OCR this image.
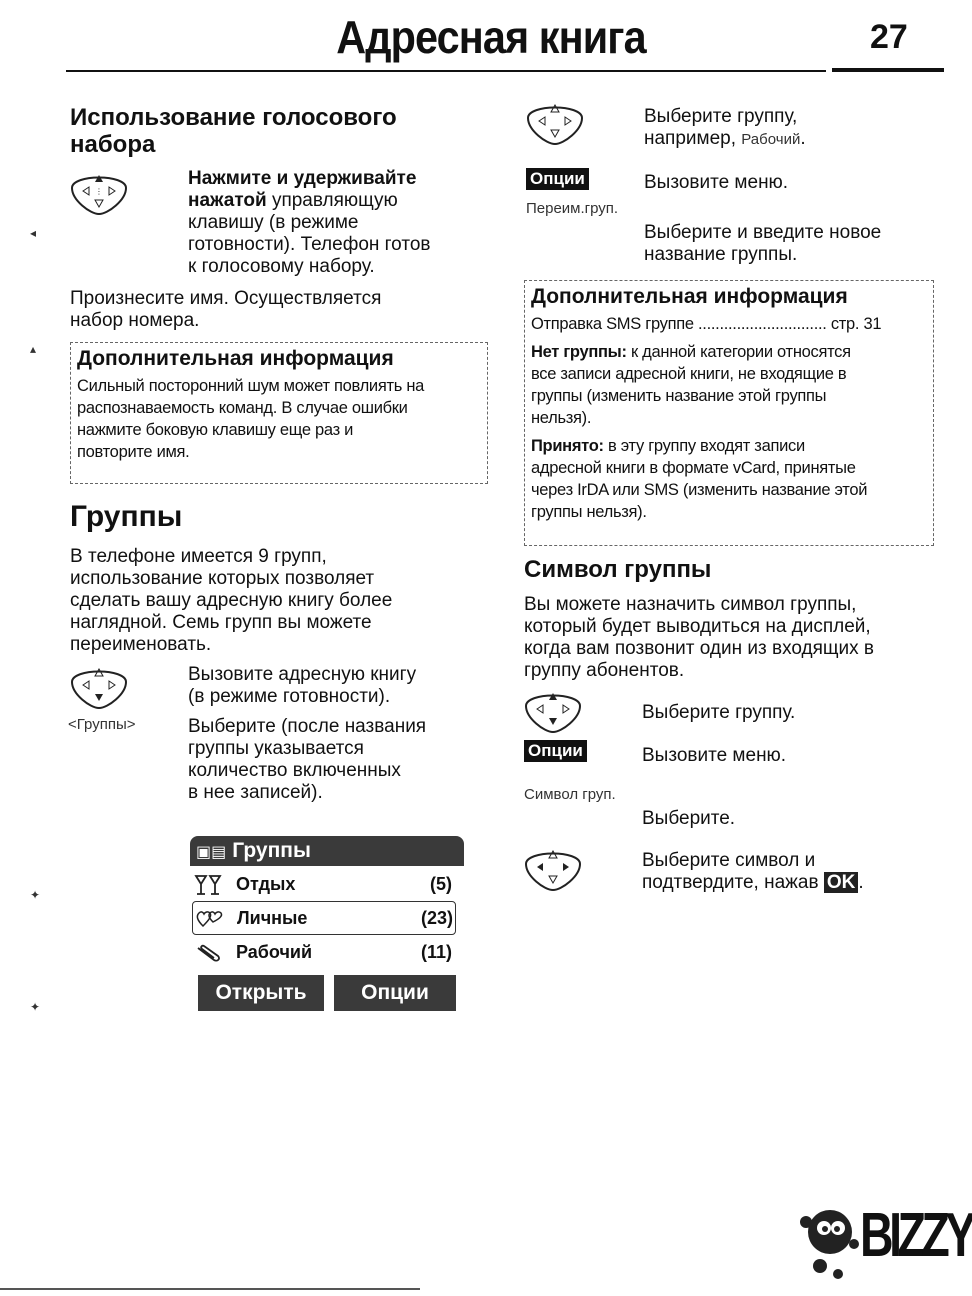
Адресная книга	27
Использование голосового
набора
⋮
Нажмите и удерживайте
нажатой управляющую
клавишу (в режиме
готовности). Телефон готов
к голосовому набору.
Произнесите имя. Осуществляется
набор номера.
Дополнительная информация
Сильный посторонний шум может повлиять на
распознаваемость команд. В случае ошибки
нажмите боковую клавишу еще раз и
повторите имя.
Группы
В телефоне имеется 9 групп,
использование которых позволяет
сделать вашу адресную книгу более
наглядной. Семь групп вы можете
переименовать.
Вызовите адресную книгу
(в режиме готовности).
<Группы>	Выберите (после названия
группы указывается
количество включенных
в нее записей).
▣▤ Группы
Отдых	(5)
Личные	(23)
Рабочий	(11)
Открыть	Опции
Выберите группу,
например, Рабочий.
Опции	Вызовите меню.
Переим.груп.
Выберите и введите новое
название группы.
Дополнительная информация
Отправка SMS группе .............................. стр. 31
Нет группы: к данной категории относятся
все записи адресной книги, не входящие в
группы (изменить название этой группы
нельзя).
Принято: в эту группу входят записи
адресной книги в формате vCard, принятые
через IrDA или SMS (изменить название этой
группы нельзя).
Символ группы
Вы можете назначить символ группы,
который будет выводиться на дисплей,
когда вам позвонит один из входящих в
группу абонентов.
Выберите группу.
Опции	Вызовите меню.
Символ груп.
Выберите.
Выберите символ и
подтвердите, нажав OK .
◂
▴
✦
✦
BIZZY
